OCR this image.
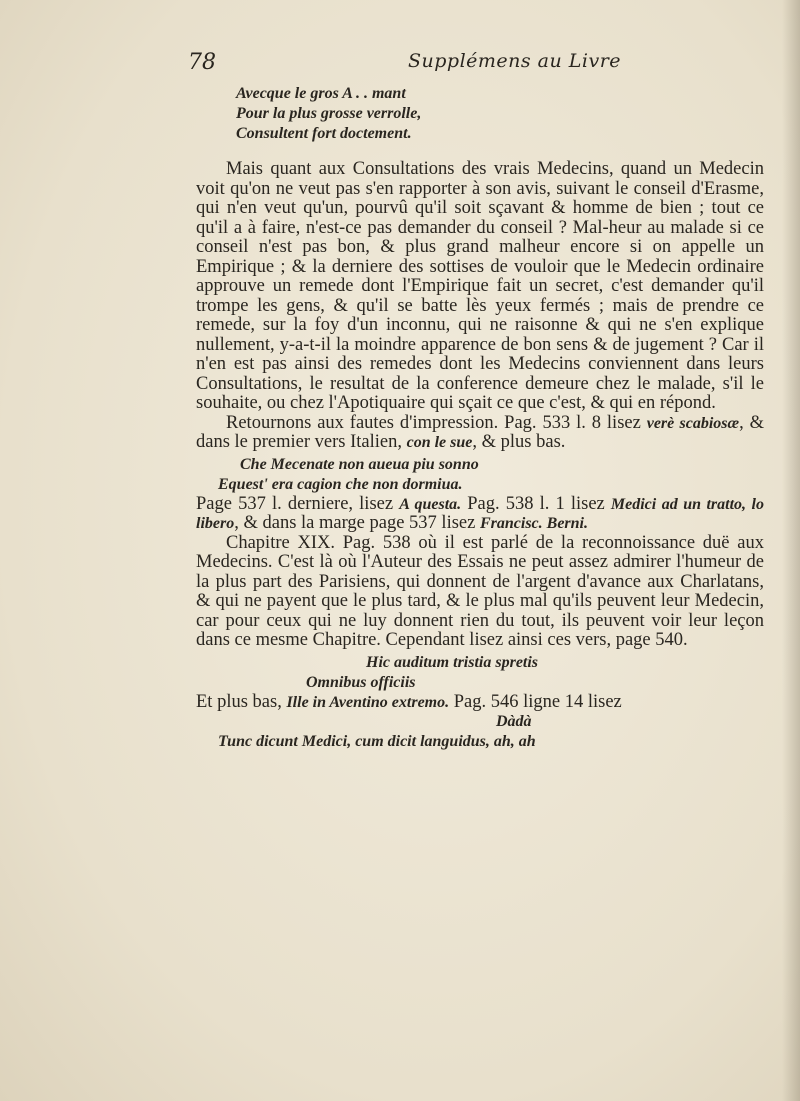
78	Supplémens au Livre
Avecque le gros A . . mant
Pour la plus grosse verrolle,
Consultent fort doctement.

Mais quant aux Consultations des vrais Medecins, quand un Medecin voit qu'on ne veut pas s'en rapporter à son avis, suivant le conseil d'Erasme, qui n'en veut qu'un, pourvû qu'il soit sçavant & homme de bien ; tout ce qu'il a à faire, n'est-ce pas demander du conseil ? Mal-heur au malade si ce conseil n'est pas bon, & plus grand malheur encore si on appelle un Empirique ; & la derniere des sottises de vouloir que le Medecin ordinaire approuve un remede dont l'Empirique fait un secret, c'est demander qu'il trompe les gens, & qu'il se batte lès yeux fermés ; mais de prendre ce remede, sur la foy d'un inconnu, qui ne raisonne & qui ne s'en explique nullement, y-a-t-il la moindre apparence de bon sens & de jugement ? Car il n'en est pas ainsi des remedes dont les Medecins conviennent dans leurs Consultations, le resultat de la conference demeure chez le malade, s'il le souhaite, ou chez l'Apotiquaire qui sçait ce que c'est, & qui en répond.

Retournons aux fautes d'impression. Pag. 533 l. 8 lisez verè scabiosæ, & dans le premier vers Italien, con le sue, & plus bas.

Che Mecenate non aueua piu sonno
Equest' era cagion che non dormiua.

Page 537 l. derniere, lisez A questa. Pag. 538 l. 1 lisez Medici ad un tratto, lo libero, & dans la marge page 537 lisez Francisc. Berni.

Chapitre XIX. Pag. 538 où il est parlé de la reconnoissance duë aux Medecins. C'est là où l'Auteur des Essais ne peut assez admirer l'humeur de la plus part des Parisiens, qui donnent de l'argent d'avance aux Charlatans, & qui ne payent que le plus tard, & le plus mal qu'ils peuvent leur Medecin, car pour ceux qui ne luy donnent rien du tout, ils peuvent voir leur leçon dans ce mesme Chapitre. Cependant lisez ainsi ces vers, page 540.

Hic auditum tristia spretis
Omnibus officiis

Et plus bas, Ille in Aventino extremo. Pag. 546 ligne 14 lisez

Dàdà
Tunc dicunt Medici, cum dicit languidus, ah, ah
